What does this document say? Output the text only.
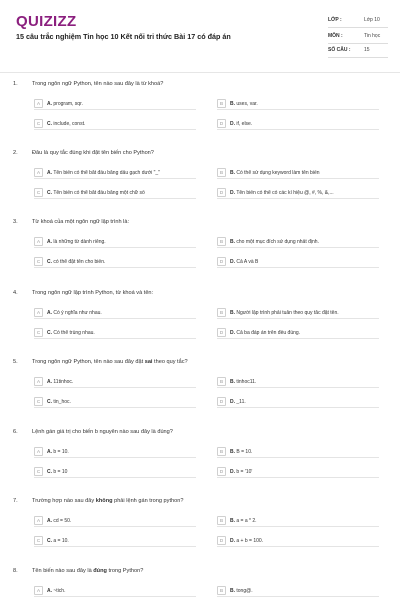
QUIZIZZ
15 câu trắc nghiệm Tin học 10 Kết nối tri thức Bài 17 có đáp án
LỚP :	Lớp 10
MÔN :	Tin học
SỐ CÂU :	15
1.	Trong ngôn ngữ Python, tên nào sau đây là từ khoá?
A	A. program, sqr.	B	B. uses, var.
C	C. include, const.	D	D. if, else.
2.	Đâu là quy tắc đúng khi đặt tên biến cho Python?
A	A. Tên biến có thể bắt đầu bằng dấu gạch dưới "_"	B	B. Có thể sử dụng keyword làm tên biến
C	C. Tên biến có thể bắt đầu bằng một chữ số	D	D. Tên biến có thể có các kí hiệu @, #, %, &,...
3.	Từ khoá của một ngôn ngữ lập trình là:
A	A. là những từ dành riêng.	B	B. cho một mục đích sử dụng nhất định.
C	C. có thể đặt tên cho biến.	D	D. Cả A và B
4.	Trong ngôn ngữ lập trình Python, từ khoá và tên:
A	A. Có ý nghĩa như nhau.	B	B. Người lập trình phải tuân theo quy tắc đặt tên.
C	C. Có thể trùng nhau.	D	D. Cả ba đáp án trên đều đúng.
5.	Trong ngôn ngữ Python, tên nào sau đây đặt sai theo quy tắc?
A	A. 11tinhoc.	B	B. tinhoc11.
C	C. tin_hoc.	D	D. _11.
6.	Lệnh gán giá trị cho biến b nguyên nào sau đây là đúng?
A	A. b = 10.	B	B. B = 10.
C	C. b = 10	D	D. b = '10'
7.	Trường hợp nào sau đây không phải lệnh gán trong python?
A	A. cd = 50.	B	B. a = a * 2.
C	C. a = 10.	D	D. a + b = 100.
8.	Tên biến nào sau đây là đúng trong Python?
A	A. ~tich.	B	B. tong@.
